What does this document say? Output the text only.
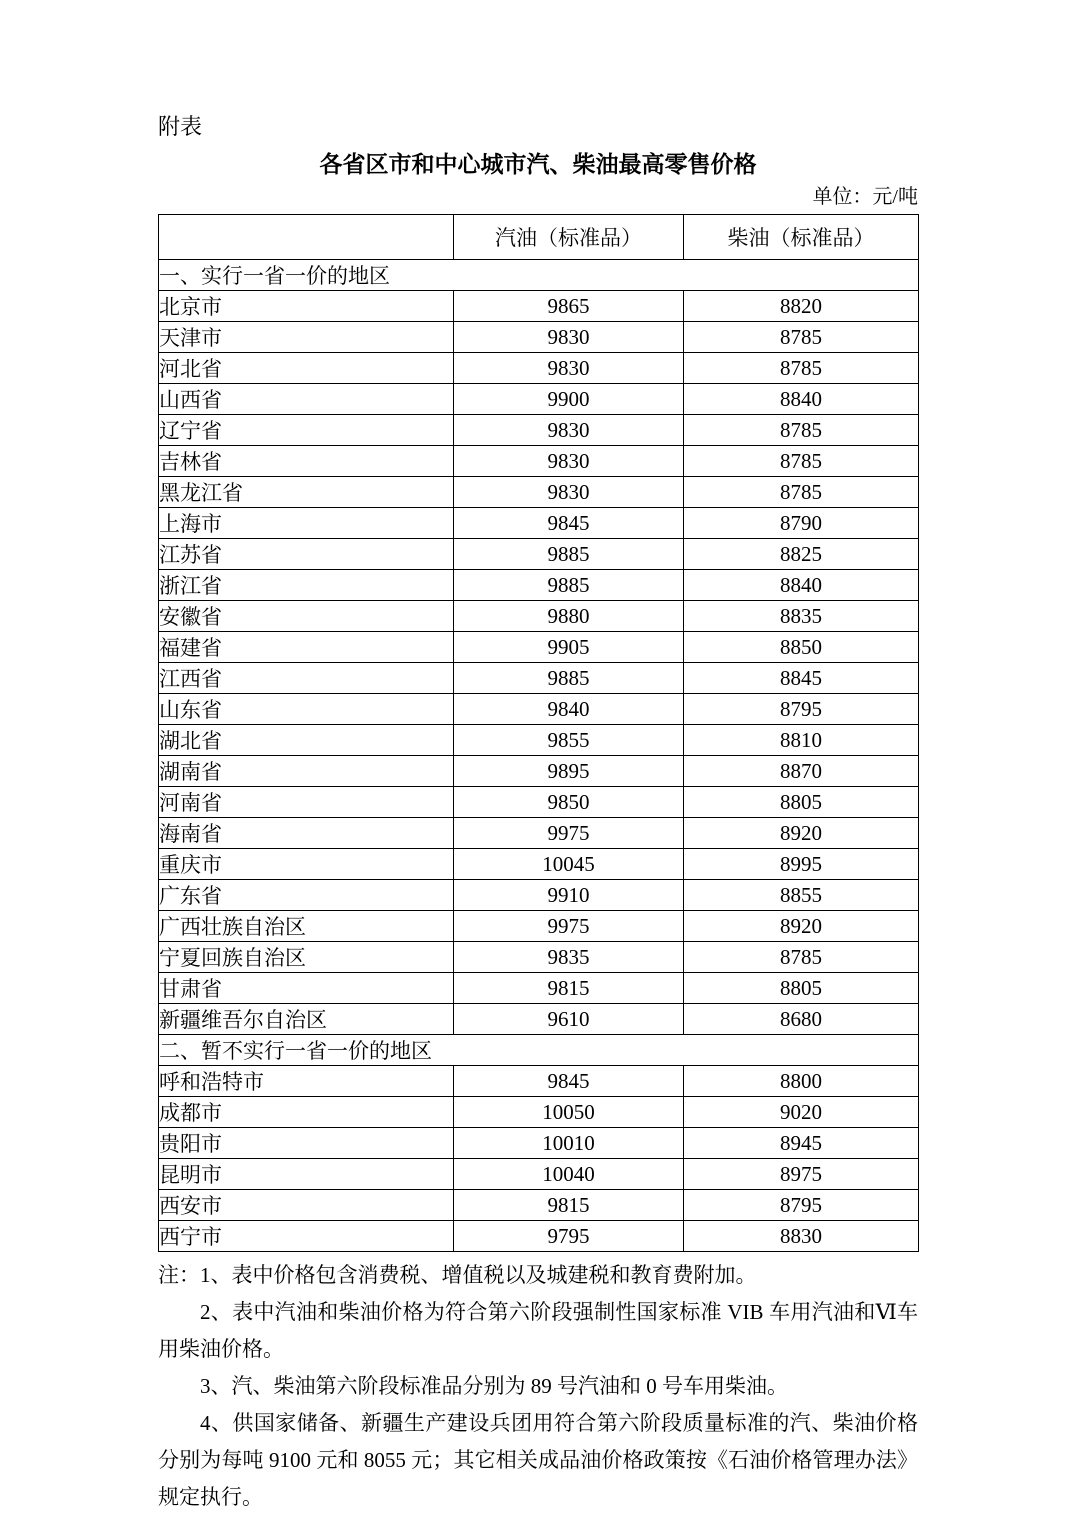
附表
各省区市和中心城市汽、柴油最高零售价格
单位：元/吨
	汽油（标准品）	柴油（标准品）
一、实行一省一价的地区		
北京市	9865	8820
天津市	9830	8785
河北省	9830	8785
山西省	9900	8840
辽宁省	9830	8785
吉林省	9830	8785
黑龙江省	9830	8785
上海市	9845	8790
江苏省	9885	8825
浙江省	9885	8840
安徽省	9880	8835
福建省	9905	8850
江西省	9885	8845
山东省	9840	8795
湖北省	9855	8810
湖南省	9895	8870
河南省	9850	8805
海南省	9975	8920
重庆市	10045	8995
广东省	9910	8855
广西壮族自治区	9975	8920
宁夏回族自治区	9835	8785
甘肃省	9815	8805
新疆维吾尔自治区	9610	8680
二、暂不实行一省一价的地区		
呼和浩特市	9845	8800
成都市	10050	9020
贵阳市	10010	8945
昆明市	10040	8975
西安市	9815	8795
西宁市	9795	8830

注：1、表中价格包含消费税、增值税以及城建税和教育费附加。

2、表中汽油和柴油价格为符合第六阶段强制性国家标准 VIB 车用汽油和Ⅵ车用柴油价格。

3、汽、柴油第六阶段标准品分别为 89 号汽油和 0 号车用柴油。

4、供国家储备、新疆生产建设兵团用符合第六阶段质量标准的汽、柴油价格分别为每吨 9100 元和 8055 元；其它相关成品油价格政策按《石油价格管理办法》规定执行。
